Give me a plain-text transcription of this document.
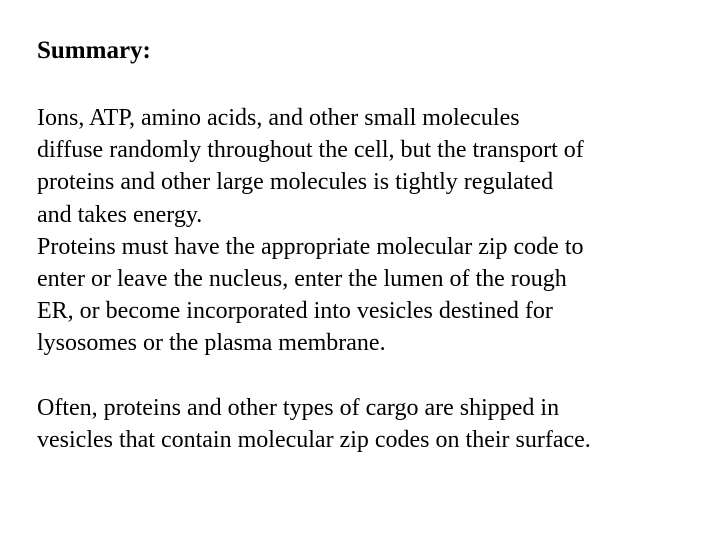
Summary:

Ions, ATP, amino acids, and other small molecules
diffuse randomly throughout the cell, but the transport of
proteins and other large molecules is tightly regulated
and takes energy.

Proteins must have the appropriate molecular zip code to
enter or leave the nucleus, enter the lumen of the rough
ER, or become incorporated into vesicles destined for
lysosomes or the plasma membrane.

Often, proteins and other types of cargo are shipped in
vesicles that contain molecular zip codes on their surface.
